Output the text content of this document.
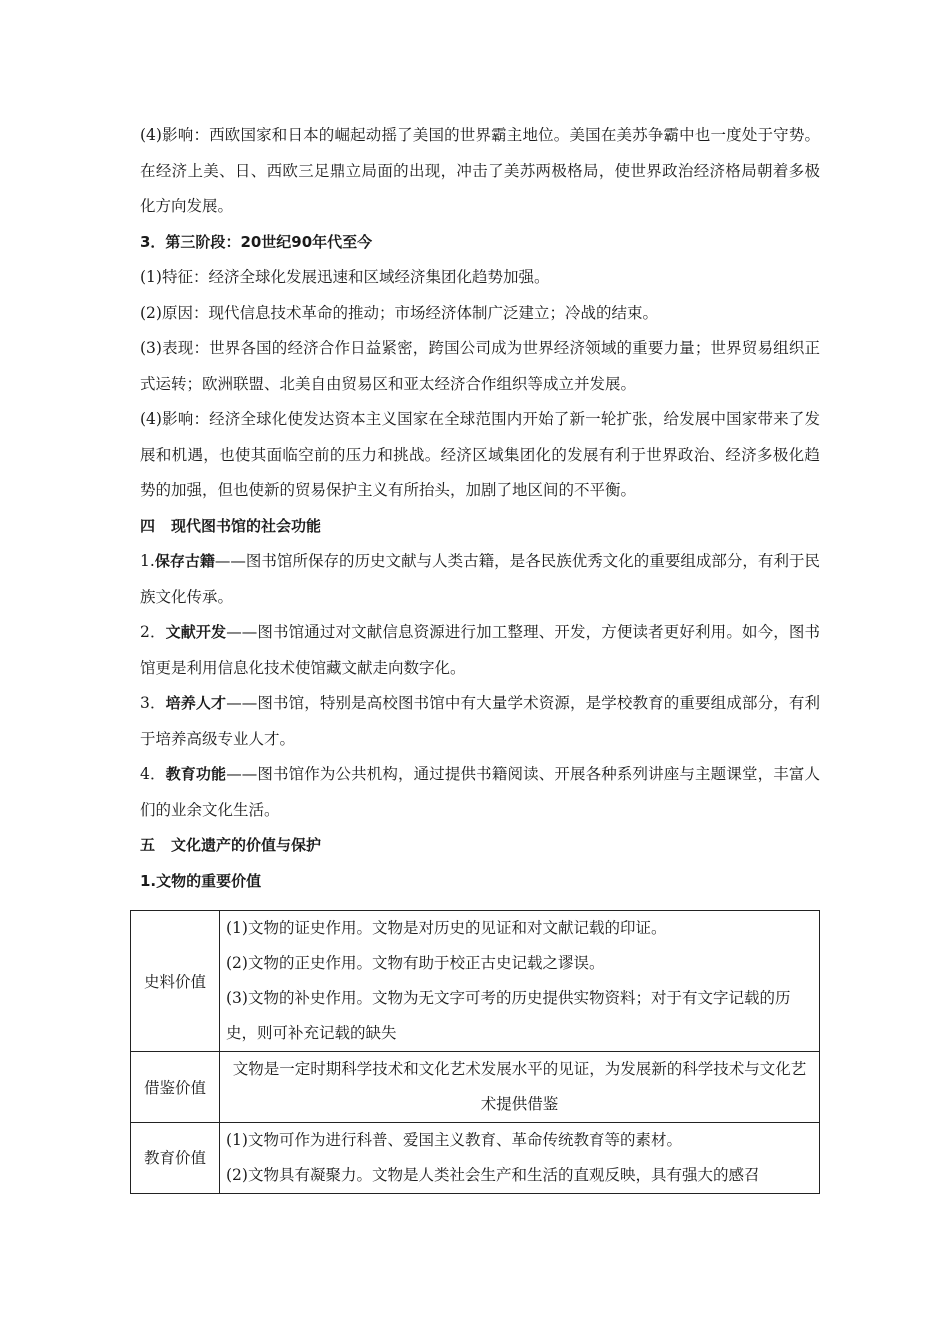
(4)影响：西欧国家和日本的崛起动摇了美国的世界霸主地位。美国在美苏争霸中也一度处于守势。在经济上美、日、西欧三足鼎立局面的出现，冲击了美苏两极格局，使世界政治经济格局朝着多极化方向发展。

3．第三阶段：20世纪90年代至今

(1)特征：经济全球化发展迅速和区域经济集团化趋势加强。

(2)原因：现代信息技术革命的推动；市场经济体制广泛建立；冷战的结束。

(3)表现：世界各国的经济合作日益紧密，跨国公司成为世界经济领域的重要力量；世界贸易组织正式运转；欧洲联盟、北美自由贸易区和亚太经济合作组织等成立并发展。

(4)影响：经济全球化使发达资本主义国家在全球范围内开始了新一轮扩张，给发展中国家带来了发展和机遇，也使其面临空前的压力和挑战。经济区域集团化的发展有利于世界政治、经济多极化趋势的加强，但也使新的贸易保护主义有所抬头，加剧了地区间的不平衡。

四 现代图书馆的社会功能

1.保存古籍——图书馆所保存的历史文献与人类古籍，是各民族优秀文化的重要组成部分，有利于民族文化传承。

2．文献开发——图书馆通过对文献信息资源进行加工整理、开发，方便读者更好利用。如今，图书馆更是利用信息化技术使馆藏文献走向数字化。

3．培养人才——图书馆，特别是高校图书馆中有大量学术资源，是学校教育的重要组成部分，有利于培养高级专业人才。

4．教育功能——图书馆作为公共机构，通过提供书籍阅读、开展各种系列讲座与主题课堂，丰富人们的业余文化生活。

五 文化遗产的价值与保护

1.文物的重要价值

史料价值	(1)文物的证史作用。文物是对历史的见证和对文献记载的印证。
(2)文物的正史作用。文物有助于校正古史记载之谬误。
(3)文物的补史作用。文物为无文字可考的历史提供实物资料；对于有文字记载的历史，则可补充记载的缺失

借鉴价值	文物是一定时期科学技术和文化艺术发展水平的见证，为发展新的科学技术与文化艺术提供借鉴
教育价值	(1)文物可作为进行科普、爱国主义教育、革命传统教育等的素材。
(2)文物具有凝聚力。文物是人类社会生产和生活的直观反映，具有强大的感召
